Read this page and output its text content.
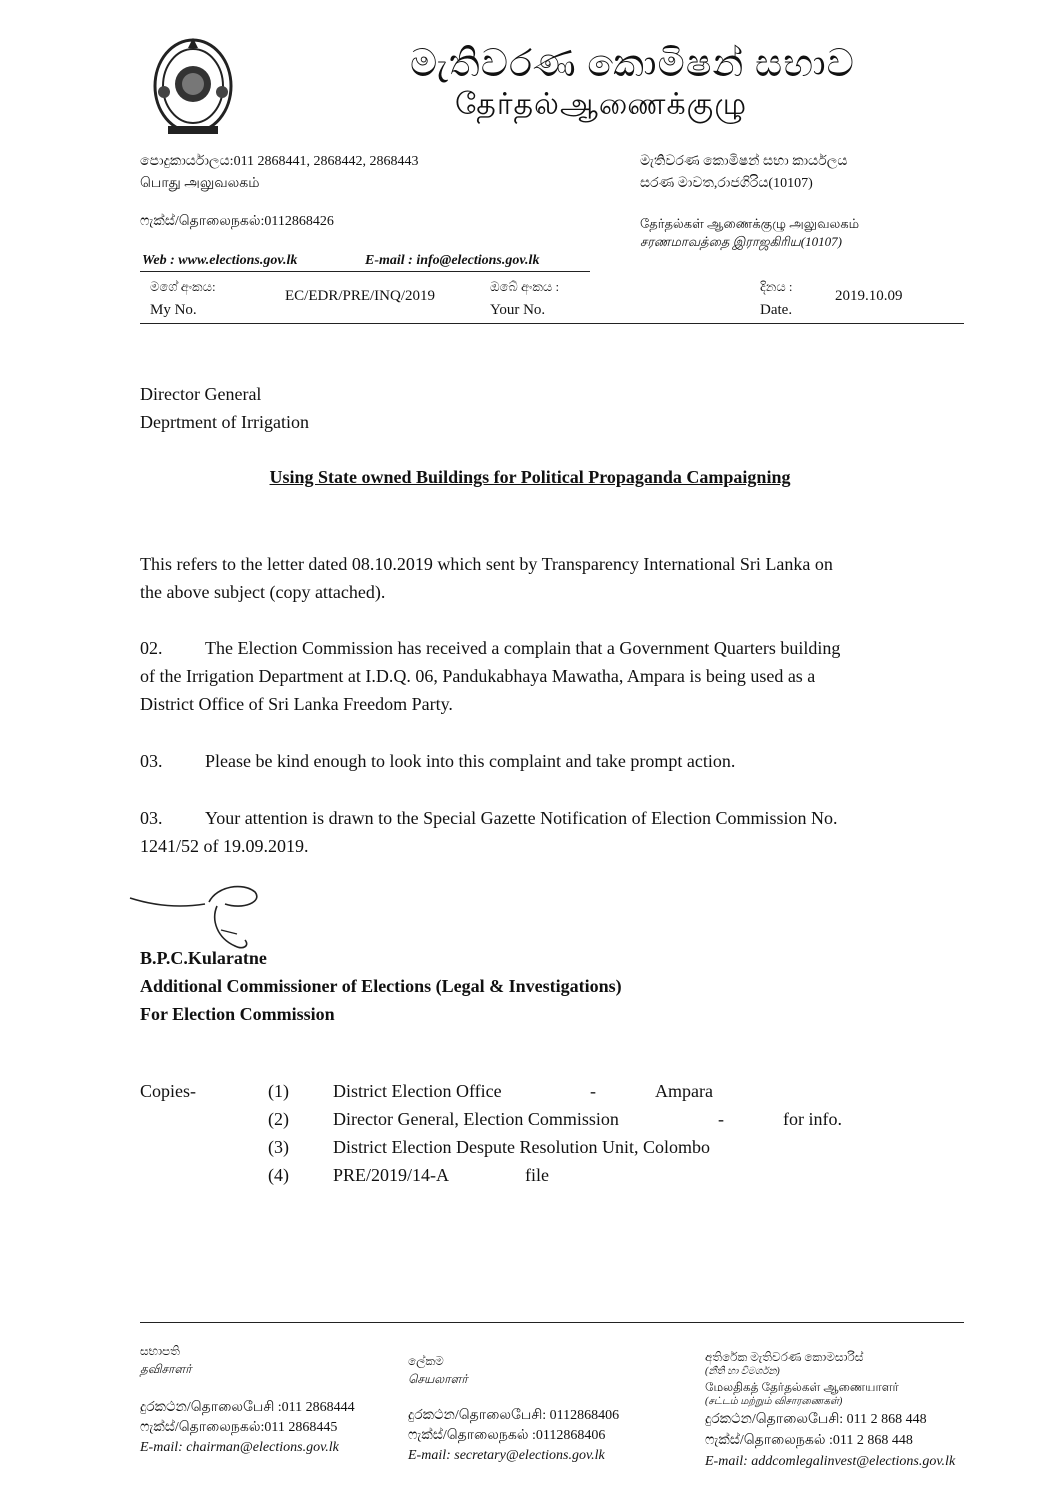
මැතිවරණ කොමිෂන් සභාව
தேர்தல்ஆணைக்குழு
පොදුකාර්යාලය:011 2868441, 2868442, 2868443
பொது அலுவலகம்
ෆැක්ස්/தொலைநகல்:0112868426
මැතිවරණ කොමිෂන් සභා කාර්යලය
සරණ මාවත,රාජගිරිය(10107)
தேர்தல்கள் ஆணைக்குழு அலுவலகம்
சரணமாவத்தை இராஜகிரிய(10107)
Web : www.elections.gov.lk	E-mail : info@elections.gov.lk
මගේ අංකය:
My No.
EC/EDR/PRE/INQ/2019
ඔබේ අංකය :
Your No.
දිනය :
Date.
2019.10.09
Director General
Deprtment of Irrigation
Using State owned Buildings for Political Propaganda Campaigning
This refers to the letter dated 08.10.2019 which sent by Transparency International Sri Lanka on
the above subject (copy attached).
02. The Election Commission has received a complain that a Government Quarters building
of the Irrigation Department at I.D.Q. 06, Pandukabhaya Mawatha, Ampara is being used as a
District Office of Sri Lanka Freedom Party.
03. Please be kind enough to look into this complaint and take prompt action.
03. Your attention is drawn to the Special Gazette Notification of Election Commission No.
1241/52 of 19.09.2019.
B.P.C.Kularatne
Additional Commissioner of Elections (Legal & Investigations)
For Election Commission
Copies-	(1) District Election Office	-	Ampara
(2) Director General, Election Commission	-	for info.
(3) District Election Despute Resolution Unit, Colombo
(4) PRE/2019/14-A	file
සභාපති
தவிசாளர்
දුරකථන/தொலைபேசி :011 2868444
ෆැක්ස්/தொலைநகல்:011 2868445
E-mail: chairman@elections.gov.lk
ලේකම
செயலாளர்
දුරකථන/தொலைபேசி: 0112868406
ෆැක්ස්/தொலைநகல் :0112868406
E-mail: secretary@elections.gov.lk
අතිරේක මැතිවරණ කොමසාරිස්
(නීති හා විමර්ශන)
மேலதிகத் தேர்தல்கள் ஆணையாளர்
(சட்டம் மற்றும் விசாரணைகள்)
දුරකථන/தொலைபேசி: 011 2 868 448
ෆැක්ස්/தொலைநகல் :011 2 868 448
E-mail: addcomlegalinvest@elections.gov.lk
